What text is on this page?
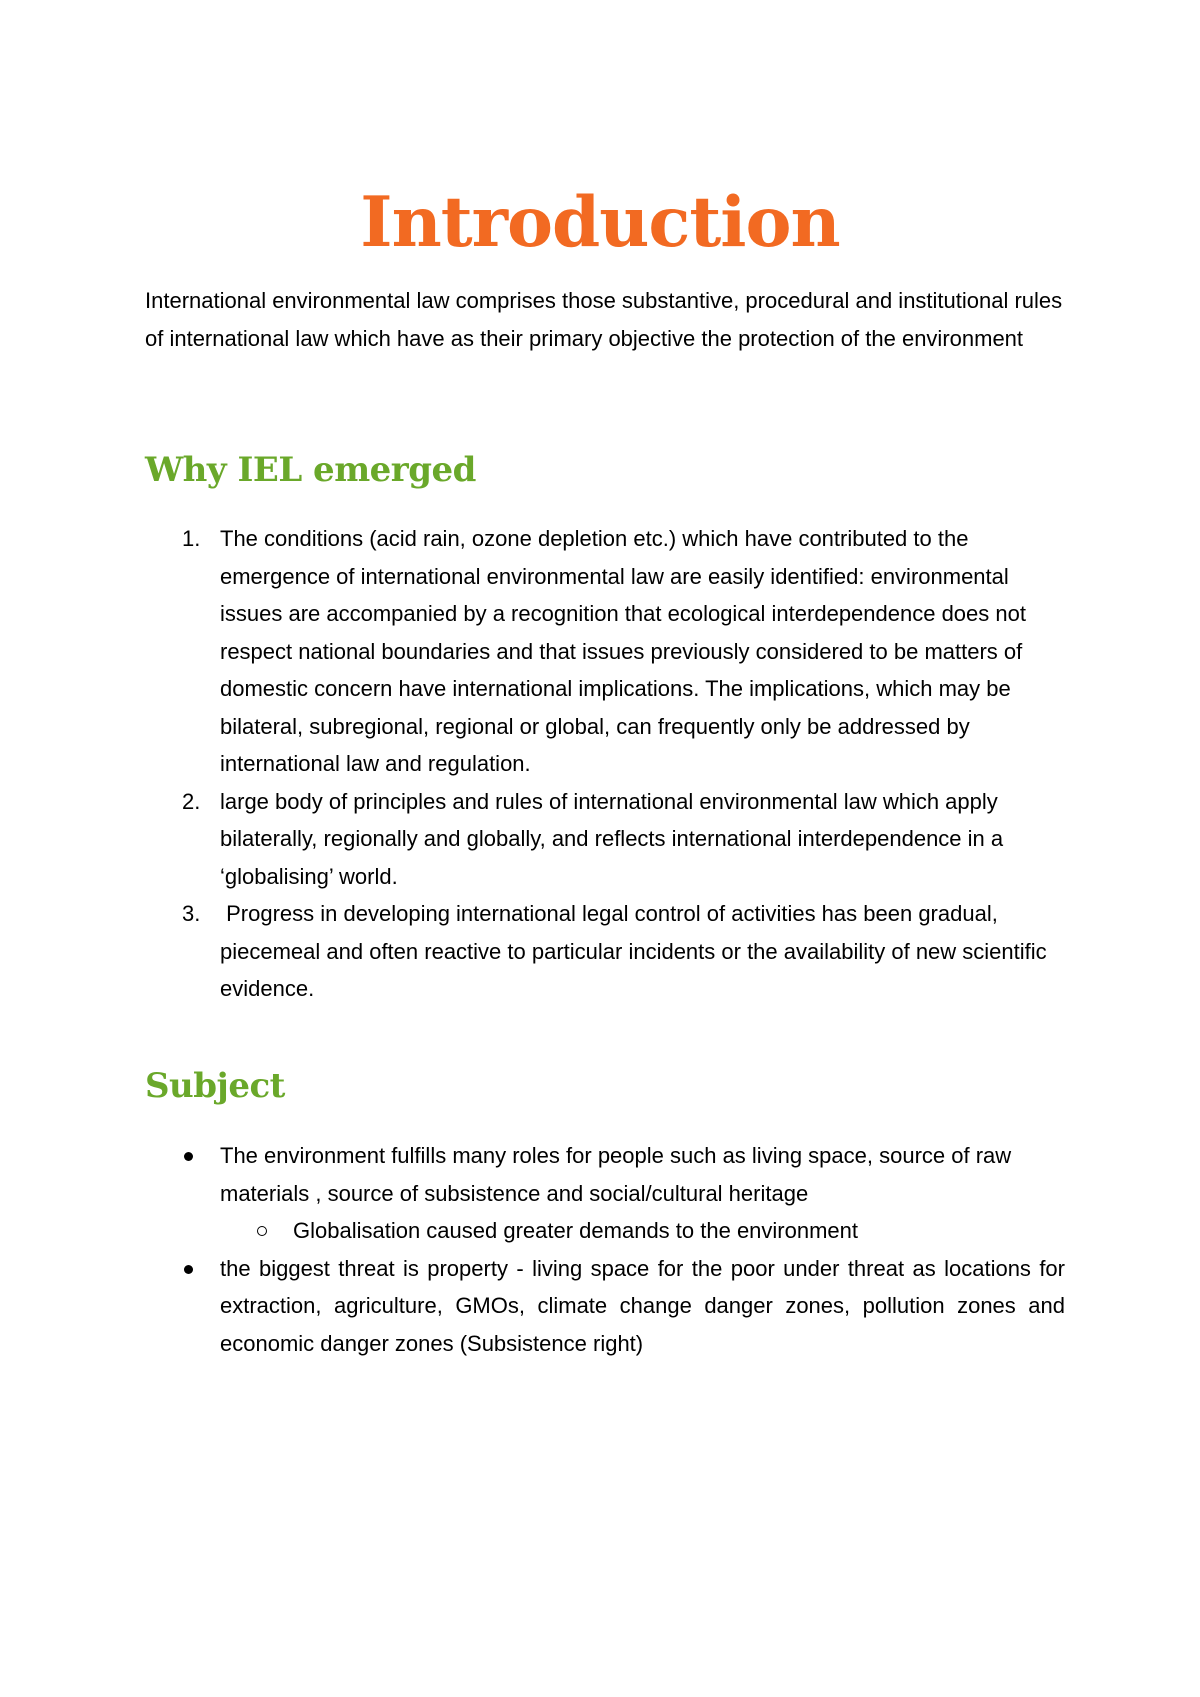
Introduction

International environmental law comprises those substantive, procedural and institutional rules of international law which have as their primary objective the protection of the environment

Why IEL emerged
1. The conditions (acid rain, ozone depletion etc.) which have contributed to the emergence of international environmental law are easily identified: environmental issues are accompanied by a recognition that ecological interdependence does not respect national boundaries and that issues previously considered to be matters of domestic concern have international implications. The implications, which may be bilateral, subregional, regional or global, can frequently only be addressed by international law and regulation.
2. large body of principles and rules of international environmental law which apply bilaterally, regionally and globally, and reflects international interdependence in a ‘globalising’ world.
3. Progress in developing international legal control of activities has been gradual, piecemeal and often reactive to particular incidents or the availability of new scientific evidence.
Subject
The environment fulfills many roles for people such as living space, source of raw materials , source of subsistence and social/cultural heritage
Globalisation caused greater demands to the environment
the biggest threat is property - living space for the poor under threat as locations for extraction, agriculture, GMOs, climate change danger zones, pollution zones and economic danger zones (Subsistence right)
